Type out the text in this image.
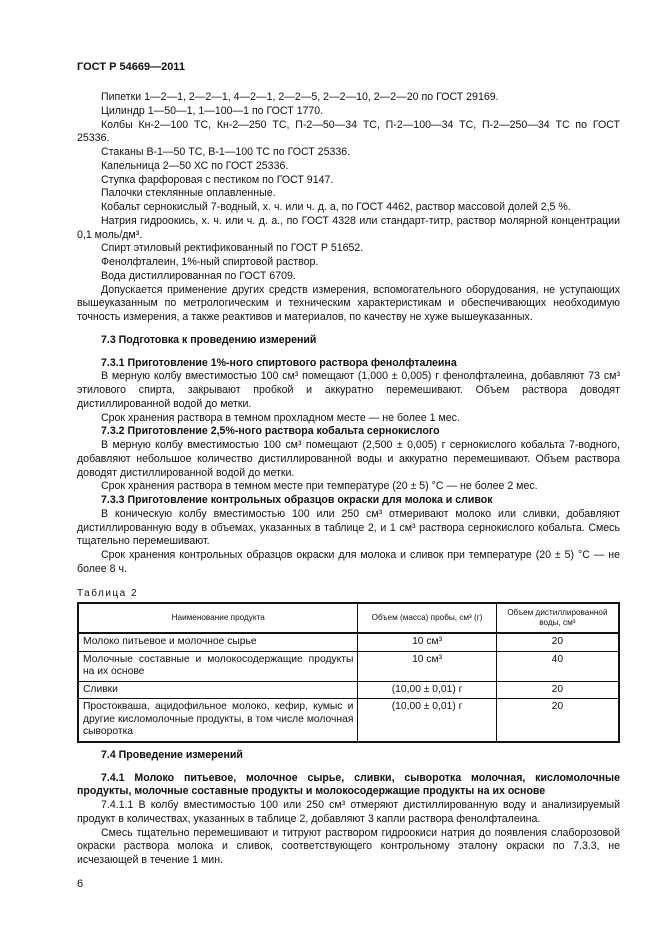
ГОСТ Р 54669—2011

Пипетки 1—2—1, 2—2—1, 4—2—1, 2—2—5, 2—2—10, 2—2—20 по ГОСТ 29169.

Цилиндр 1—50—1, 1—100—1 по ГОСТ 1770.

Колбы Кн-2—100 ТС, Кн-2—250 ТС, П-2—50—34 ТС, П-2—100—34 ТС, П-2—250—34 ТС по ГОСТ 25336.

Стаканы В-1—50 ТС, В-1—100 ТС по ГОСТ 25336.

Капельница 2—50 ХС по ГОСТ 25336.

Ступка фарфоровая с пестиком по ГОСТ 9147.

Палочки стеклянные оплавленные.

Кобальт сернокислый 7-водный, х. ч. или ч. д. а, по ГОСТ 4462, раствор массовой долей 2,5 %.

Натрия гидроокись, х. ч. или ч. д. а., по ГОСТ 4328 или стандарт-титр, раствор молярной концентрации 0,1 моль/дм³.

Спирт этиловый ректификованный по ГОСТ Р 51652.

Фенолфталеин, 1%-ный спиртовой раствор.

Вода дистиллированная по ГОСТ 6709.

Допускается применение других средств измерения, вспомогательного оборудования, не уступающих вышеуказанным по метрологическим и техническим характеристикам и обеспечивающих необходимую точность измерения, а также реактивов и материалов, по качеству не хуже вышеуказанных.

7.3 Подготовка к проведению измерений

7.3.1 Приготовление 1%-ного спиртового раствора фенолфталеина

В мерную колбу вместимостью 100 см³ помещают (1,000 ± 0,005) г фенолфталеина, добавляют 73 см³ этилового спирта, закрывают пробкой и аккуратно перемешивают. Объем раствора доводят дистиллированной водой до метки.

Срок хранения раствора в темном прохладном месте — не более 1 мес.

7.3.2 Приготовление 2,5%-ного раствора кобальта сернокислого

В мерную колбу вместимостью 100 см³ помещают (2,500 ± 0,005) г сернокислого кобальта 7-водного, добавляют небольшое количество дистиллированной воды и аккуратно перемешивают. Объем раствора доводят дистиллированной водой до метки.

Срок хранения раствора в темном месте при температуре (20 ± 5) °С — не более 2 мес.

7.3.3 Приготовление контрольных образцов окраски для молока и сливок

В коническую колбу вместимостью 100 или 250 см³ отмеривают молоко или сливки, добавляют дистиллированную воду в объемах, указанных в таблице 2, и 1 см³ раствора сернокислого кобальта. Смесь тщательно перемешивают.

Срок хранения контрольных образцов окраски для молока и сливок при температуре (20 ± 5) °С — не более 8 ч.

Таблица 2
Наименование продукта	Объем (масса) пробы, см³ (г)	Объем дистиллированной воды, см³
Молоко питьевое и молочное сырье	10 см³	20
Молочные составные и молокосодержащие продукты на их основе	10 см³	40
Сливки	(10,00 ± 0,01) г	20
Простокваша, ацидофильное молоко, кефир, кумыс и другие кисломолочные продукты, в том числе молочная сыворотка	(10,00 ± 0,01) г	20

7.4 Проведение измерений

7.4.1 Молоко питьевое, молочное сырье, сливки, сыворотка молочная, кисломолочные продукты, молочные составные продукты и молокосодержащие продукты на их основе

7.4.1.1 В колбу вместимостью 100 или 250 см³ отмеряют дистиллированную воду и анализируемый продукт в количествах, указанных в таблице 2, добавляют 3 капли раствора фенолфталеина.

Смесь тщательно перемешивают и титруют раствором гидроокиси натрия до появления слаборозовой окраски раствора молока и сливок, соответствующего контрольному эталону окраски по 7.3.3, не исчезающей в течение 1 мин.

6
